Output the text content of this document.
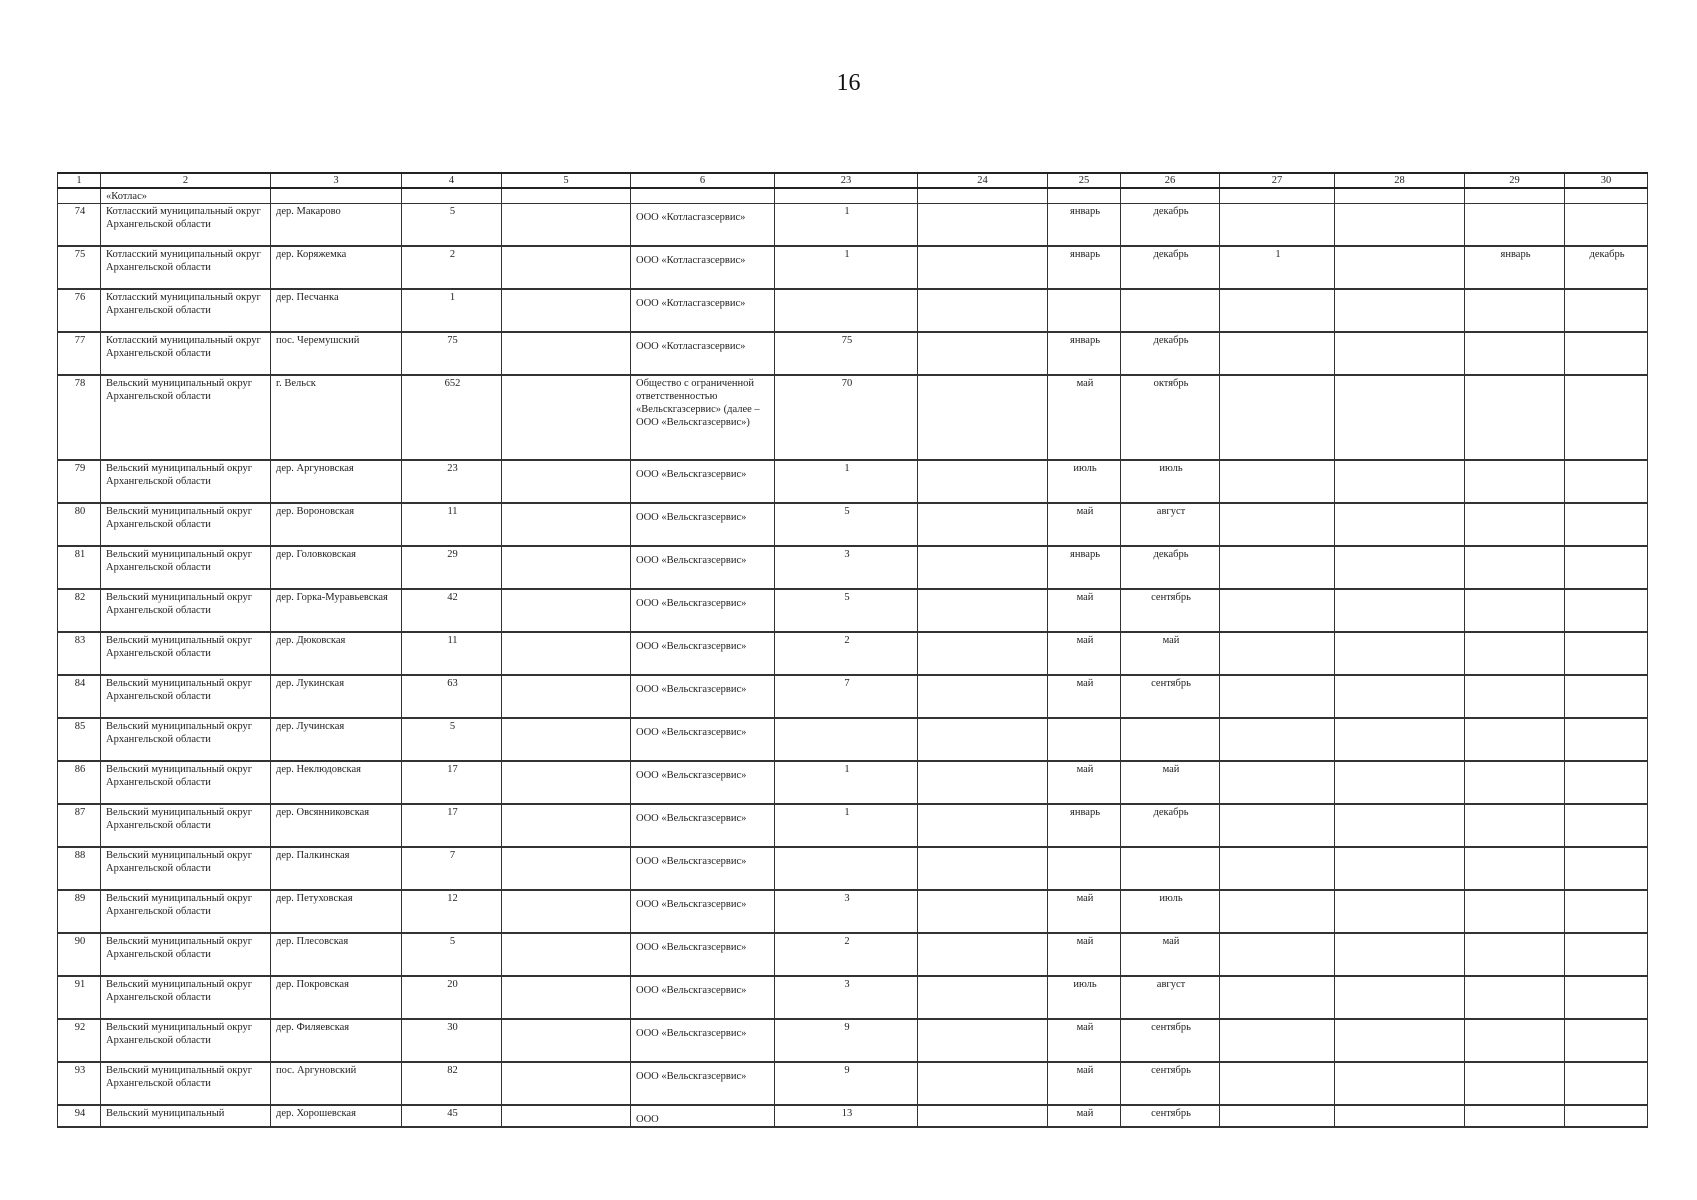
16
1	2	3	4	5	6	23	24	25	26	27	28	29	30
	«Котлас»												
74	Котласский муниципальный округ Архангельской области	дер. Макарово	5		ООО «Котласгазсервис»	1		январь	декабрь				
75	Котласский муниципальный округ Архангельской области	дер. Коряжемка	2		ООО «Котласгазсервис»	1		январь	декабрь	1		январь	декабрь
76	Котласский муниципальный округ Архангельской области	дер. Песчанка	1		ООО «Котласгазсервис»								

77	Котласский муниципальный округ Архангельской области	пос. Черемушский	75		ООО «Котласгазсервис»	75		январь	декабрь				
78	Вельский муниципальный округ Архангельской области	г. Вельск	652		Общество с ограниченной ответственностью «Вельскгазсервис» (далее – ООО «Вельскгазсервис»)	70		май	октябрь				
79	Вельский муниципальный округ Архангельской области	дер. Аргуновская	23		ООО «Вельскгазсервис»	1		июль	июль				
80	Вельский муниципальный округ Архангельской области	дер. Вороновская	11		ООО «Вельскгазсервис»	5		май	август				
81	Вельский муниципальный округ Архангельской области	дер. Головковская	29		ООО «Вельскгазсервис»	3		январь	декабрь				
82	Вельский муниципальный округ Архангельской области	дер. Горка-Муравьевская	42		ООО «Вельскгазсервис»	5		май	сентябрь				
83	Вельский муниципальный округ Архангельской области	дер. Дюковская	11		ООО «Вельскгазсервис»	2		май	май				
84	Вельский муниципальный округ Архангельской области	дер. Лукинская	63		ООО «Вельскгазсервис»	7		май	сентябрь				
85	Вельский муниципальный округ Архангельской области	дер. Лучинская	5		ООО «Вельскгазсервис»								

86	Вельский муниципальный округ Архангельской области	дер. Неклюдовская	17		ООО «Вельскгазсервис»	1		май	май				
87	Вельский муниципальный округ Архангельской области	дер. Овсянниковская	17		ООО «Вельскгазсервис»	1		январь	декабрь				
88	Вельский муниципальный округ Архангельской области	дер. Палкинская	7		ООО «Вельскгазсервис»								

89	Вельский муниципальный округ Архангельской области	дер. Петуховская	12		ООО «Вельскгазсервис»	3		май	июль				
90	Вельский муниципальный округ Архангельской области	дер. Плесовская	5		ООО «Вельскгазсервис»	2		май	май				
91	Вельский муниципальный округ Архангельской области	дер. Покровская	20		ООО «Вельскгазсервис»	3		июль	август				
92	Вельский муниципальный округ Архангельской области	дер. Филяевская	30		ООО «Вельскгазсервис»	9		май	сентябрь				
93	Вельский муниципальный округ Архангельской области	пос. Аргуновский	82		ООО «Вельскгазсервис»	9		май	сентябрь				
94	Вельский муниципальный	дер. Хорошевская	45		ООО	13		май	сентябрь				
